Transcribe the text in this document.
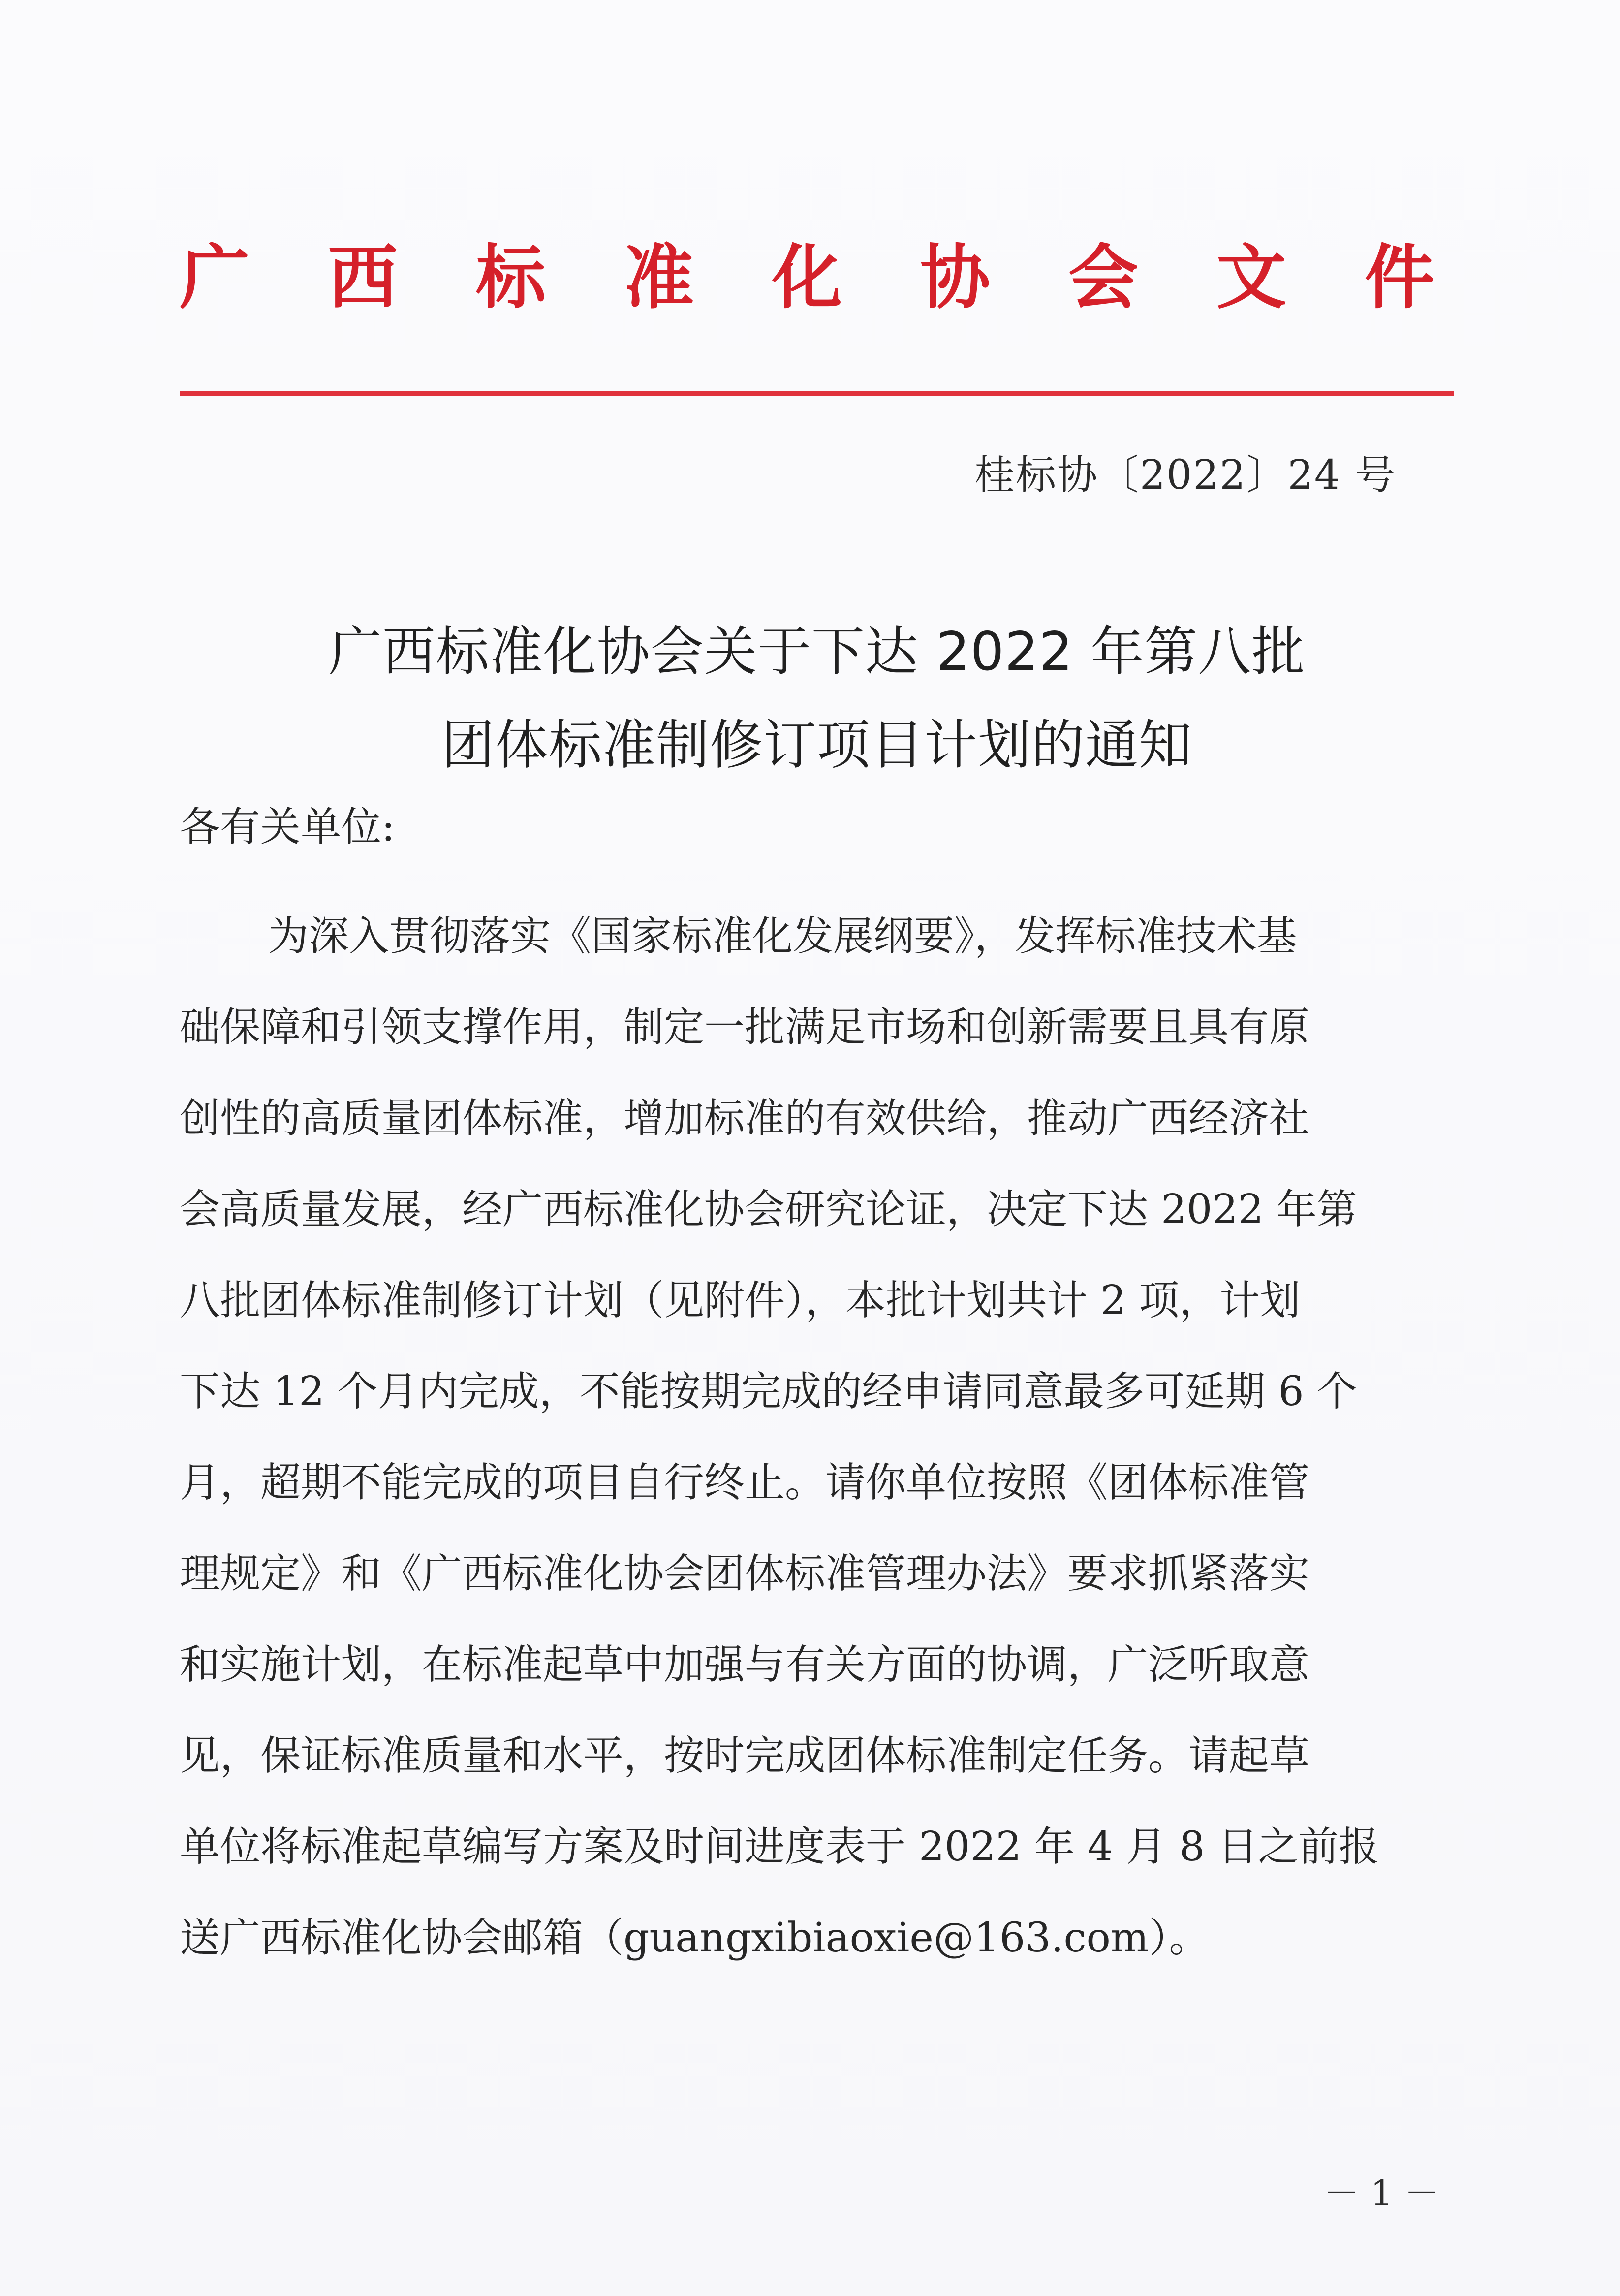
广 西 标 准 化 协 会 文 件
桂标协〔2022〕24 号
广西标准化协会关于下达 2022 年第八批
团体标准制修订项目计划的通知
各有关单位:
为深入贯彻落实《国家标准化发展纲要》，发挥标准技术基
础保障和引领支撑作用，制定一批满足市场和创新需要且具有原
创性的高质量团体标准，增加标准的有效供给，推动广西经济社
会高质量发展，经广西标准化协会研究论证，决定下达 2022 年第
八批团体标准制修订计划（见附件），本批计划共计 2 项，计划
下达 12 个月内完成，不能按期完成的经申请同意最多可延期 6 个
月，超期不能完成的项目自行终止。请你单位按照《团体标准管
理规定》和《广西标准化协会团体标准管理办法》要求抓紧落实
和实施计划，在标准起草中加强与有关方面的协调，广泛听取意
见，保证标准质量和水平，按时完成团体标准制定任务。请起草
单位将标准起草编写方案及时间进度表于 2022 年 4 月 8 日之前报
送广西标准化协会邮箱（guangxibiaoxie@163.com）。
－ 1 －
